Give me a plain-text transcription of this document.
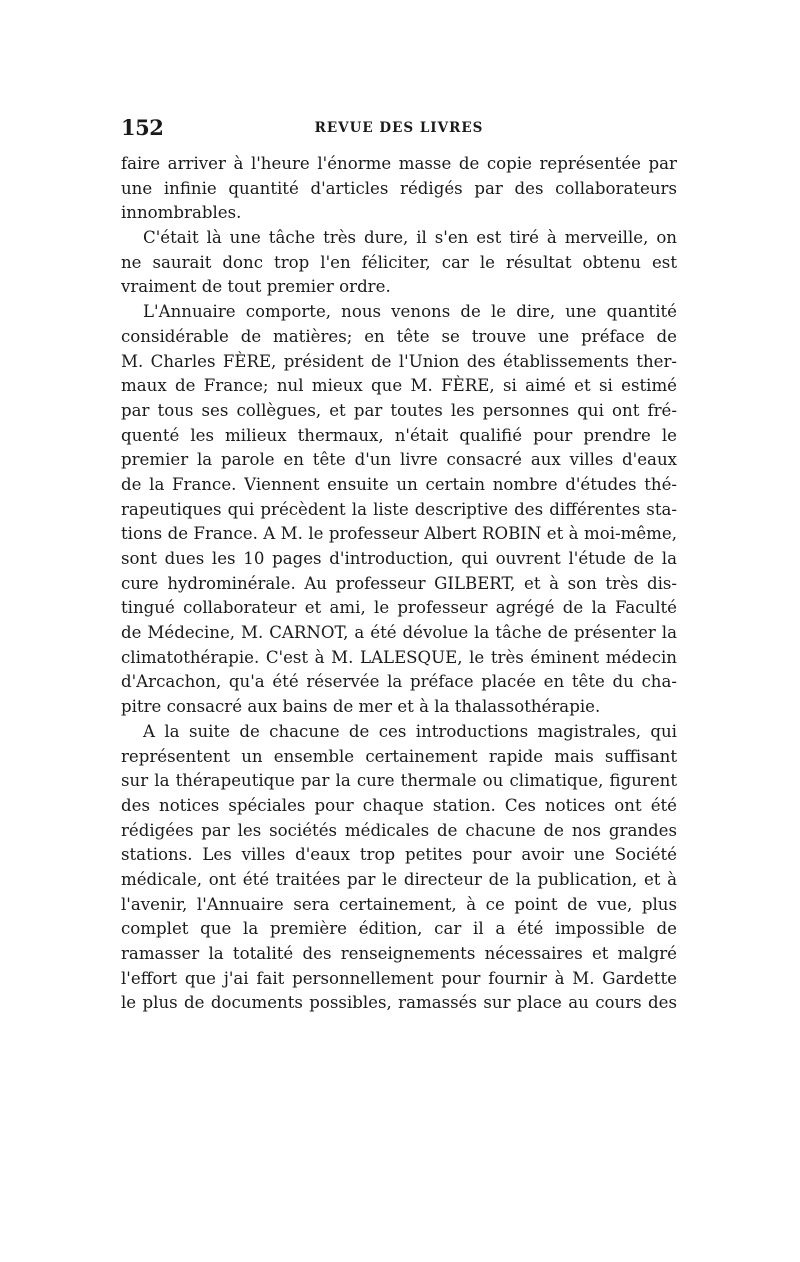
152	REVUE DES LIVRES
faire arriver à l'heure l'énorme masse de copie représentée par
une infinie quantité d'articles rédigés par des collaborateurs
innombrables.
C'était là une tâche très dure, il s'en est tiré à merveille, on
ne saurait donc trop l'en féliciter, car le résultat obtenu est
vraiment de tout premier ordre.
L'Annuaire comporte, nous venons de le dire, une quantité
considérable de matières; en tête se trouve une préface de
M. Charles FÈRE, président de l'Union des établissements ther-
maux de France; nul mieux que M. FÈRE, si aimé et si estimé
par tous ses collègues, et par toutes les personnes qui ont fré-
quenté les milieux thermaux, n'était qualifié pour prendre le
premier la parole en tête d'un livre consacré aux villes d'eaux
de la France. Viennent ensuite un certain nombre d'études thé-
rapeutiques qui précèdent la liste descriptive des différentes sta-
tions de France. A M. le professeur Albert ROBIN et à moi-même,
sont dues les 10 pages d'introduction, qui ouvrent l'étude de la
cure hydrominérale. Au professeur GILBERT, et à son très dis-
tingué collaborateur et ami, le professeur agrégé de la Faculté
de Médecine, M. CARNOT, a été dévolue la tâche de présenter la
climatothérapie. C'est à M. LALESQUE, le très éminent médecin
d'Arcachon, qu'a été réservée la préface placée en tête du cha-
pitre consacré aux bains de mer et à la thalassothérapie.
A la suite de chacune de ces introductions magistrales, qui
représentent un ensemble certainement rapide mais suffisant
sur la thérapeutique par la cure thermale ou climatique, figurent
des notices spéciales pour chaque station. Ces notices ont été
rédigées par les sociétés médicales de chacune de nos grandes
stations. Les villes d'eaux trop petites pour avoir une Société
médicale, ont été traitées par le directeur de la publication, et à
l'avenir, l'Annuaire sera certainement, à ce point de vue, plus
complet que la première édition, car il a été impossible de
ramasser la totalité des renseignements nécessaires et malgré
l'effort que j'ai fait personnellement pour fournir à M. Gardette
le plus de documents possibles, ramassés sur place au cours des
